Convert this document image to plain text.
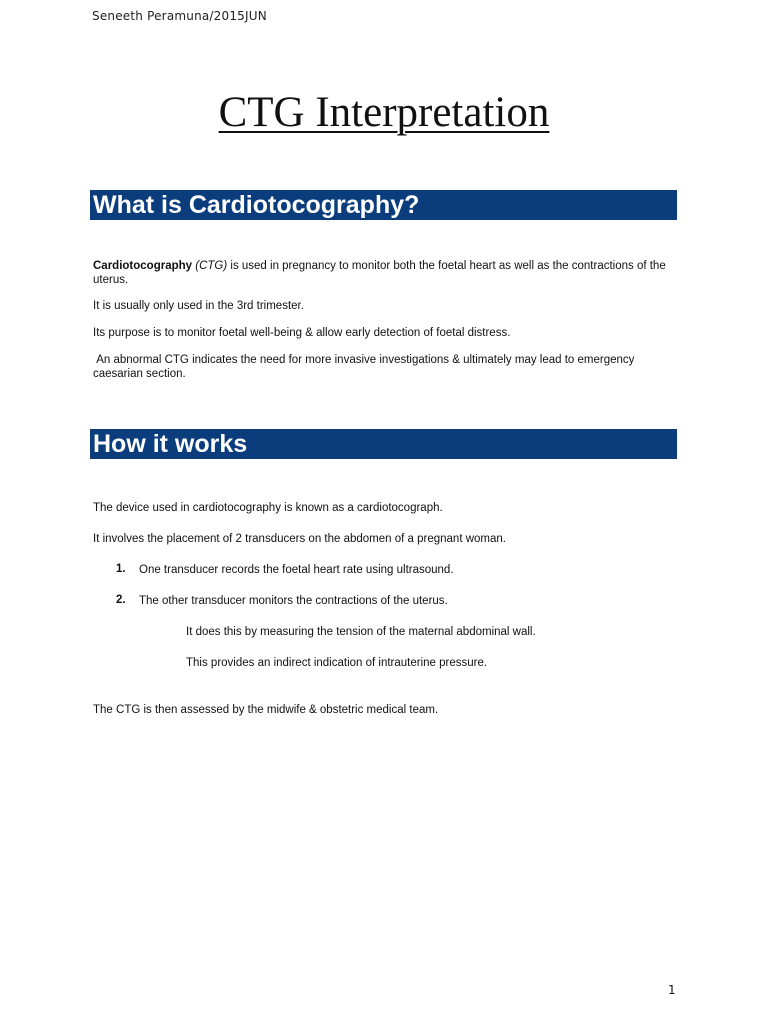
Seneeth Peramuna/2015JUN
CTG Interpretation
What is Cardiotocography?
Cardiotocography (CTG) is used in pregnancy to monitor both the foetal heart as well as the contractions of the uterus.
It is usually only used in the 3rd trimester.
Its purpose is to monitor foetal well-being & allow early detection of foetal distress.
An abnormal CTG indicates the need for more invasive investigations & ultimately may lead to emergency caesarian section.
How it works
The device used in cardiotocography is known as a cardiotocograph.
It involves the placement of 2 transducers on the abdomen of a pregnant woman.
1. One transducer records the foetal heart rate using ultrasound.
2. The other transducer monitors the contractions of the uterus.
It does this by measuring the tension of the maternal abdominal wall.
This provides an indirect indication of intrauterine pressure.
The CTG is then assessed by the midwife & obstetric medical team.
1
